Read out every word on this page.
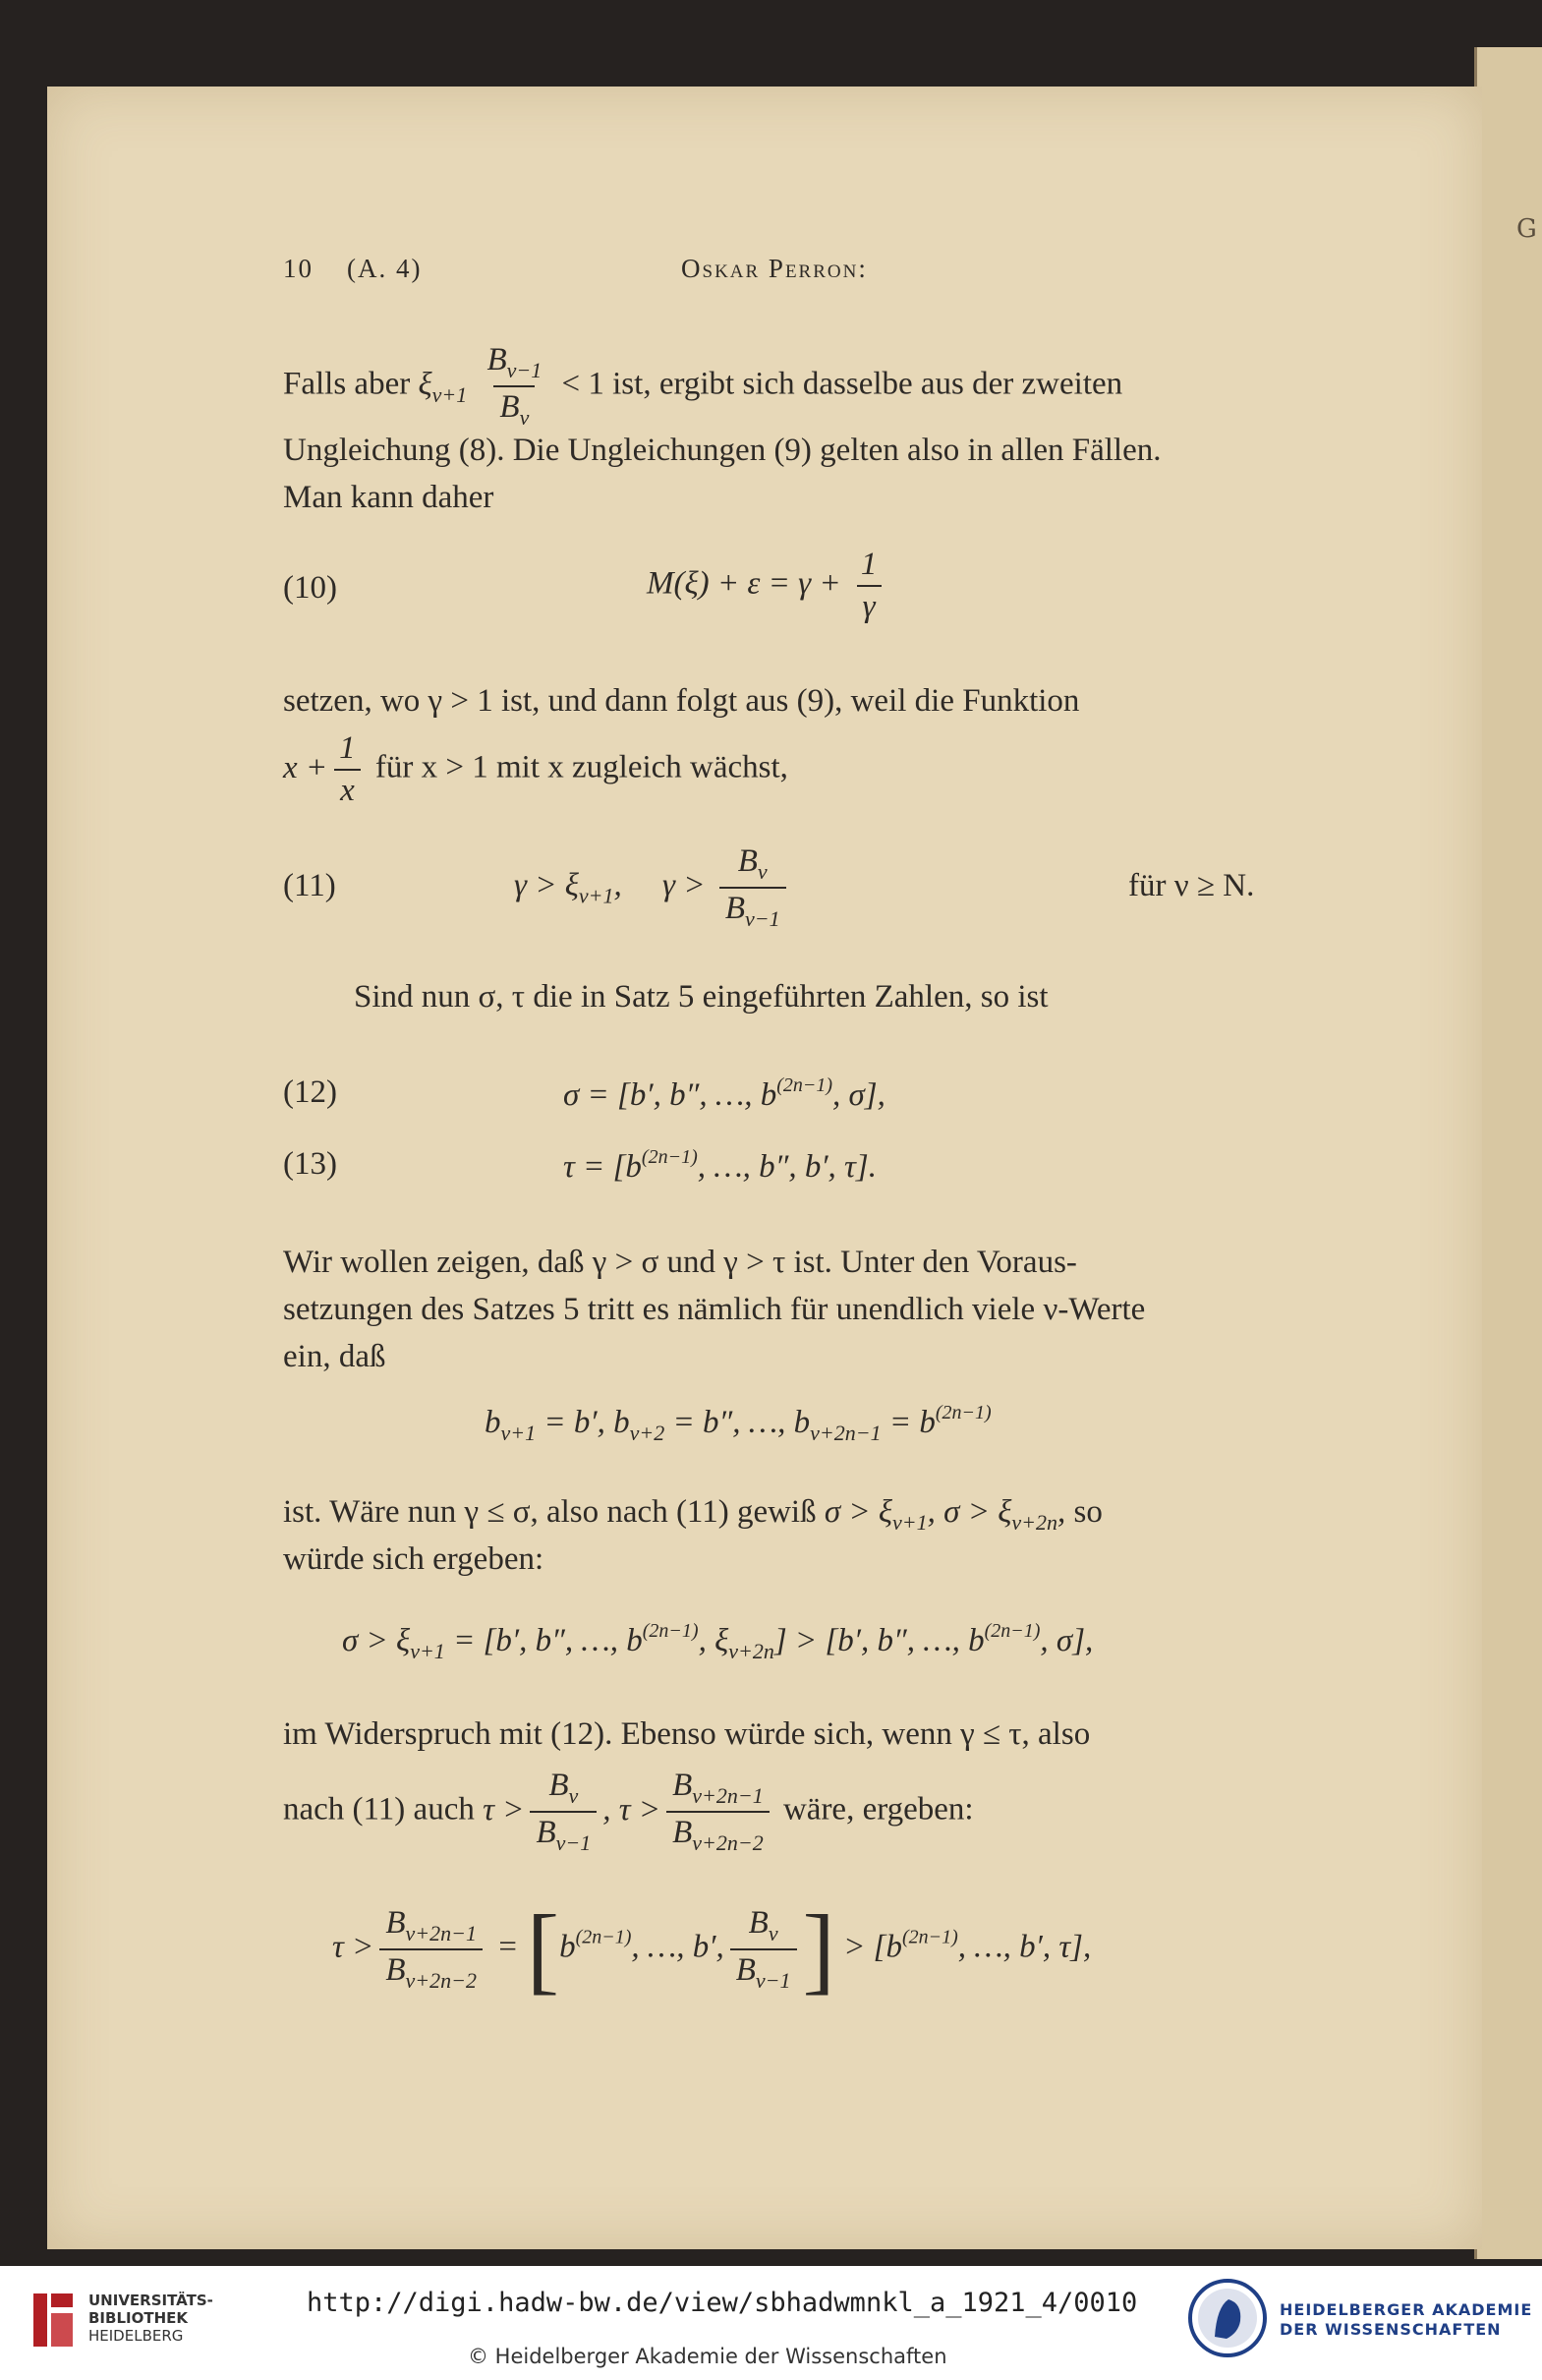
G
10 (A. 4)	Oskar Perron:
Falls aber $\xi_{\nu+1} \frac{B_{\nu-1}}{B_\nu} < 1$ ist, ergibt sich dasselbe aus der zweiten
Ungleichung (8). Die Ungleichungen (9) gelten also in allen Fällen.
Man kann daher
(10)	$M(\xi) + \varepsilon = \gamma + \frac{1}{\gamma}$
setzen, wo γ > 1 ist, und dann folgt aus (9), weil die Funktion
$x + \frac{1}{x}$ für x > 1 mit x zugleich wächst,
(11)	$\gamma > \xi_{\nu+1}$,     $\gamma > \frac{B_\nu}{B_{\nu-1}}$	für ν ≥ N.
Sind nun σ, τ die in Satz 5 eingeführten Zahlen, so ist
(12)	σ = [b′, b″, …, $b^{(2n-1)}$, σ],
(13)	$\tau = [b^{(2n-1)}$, …, b″, b′, τ].
Wir wollen zeigen, daß γ > σ und γ > τ ist. Unter den Voraus-
setzungen des Satzes 5 tritt es nämlich für unendlich viele ν-Werte
ein, daß
$b_{\nu+1} = b'$, $b_{\nu+2} = b''$, …, $b_{\nu+2n-1} = b^{(2n-1)}$
ist. Wäre nun γ ≤ σ, also nach (11) gewiß $\sigma > \xi_{\nu+1}$, $\sigma > \xi_{\nu+2n}$, so
würde sich ergeben:
$\sigma > \xi_{\nu+1} = [b'$, b″, …, $b^{(2n-1)}$, $\xi_{\nu+2n}] > [b'$, b″, …, $b^{(2n-1)}$, σ],
im Widerspruch mit (12). Ebenso würde sich, wenn γ ≤ τ, also
nach (11) auch $\tau > \frac{B_\nu}{B_{\nu-1}}$ , $\tau > \frac{B_{\nu+2n-1}}{B_{\nu+2n-2}}$ wäre, ergeben:
$\tau > \frac{B_{\nu+2n-1}}{B_{\nu+2n-2}} = [b^{(2n-1)}$, …, b′, $\frac{B_\nu}{B_{\nu-1}}$ ] > [$b^{(2n-1)}$, …, b′, τ],
UNIVERSITÄTS-
BIBLIOTHEK
HEIDELBERG
http://digi.hadw-bw.de/view/sbhadwmnkl_a_1921_4/0010
© Heidelberger Akademie der Wissenschaften
HEIDELBERGER AKADEMIE
DER WISSENSCHAFTEN
